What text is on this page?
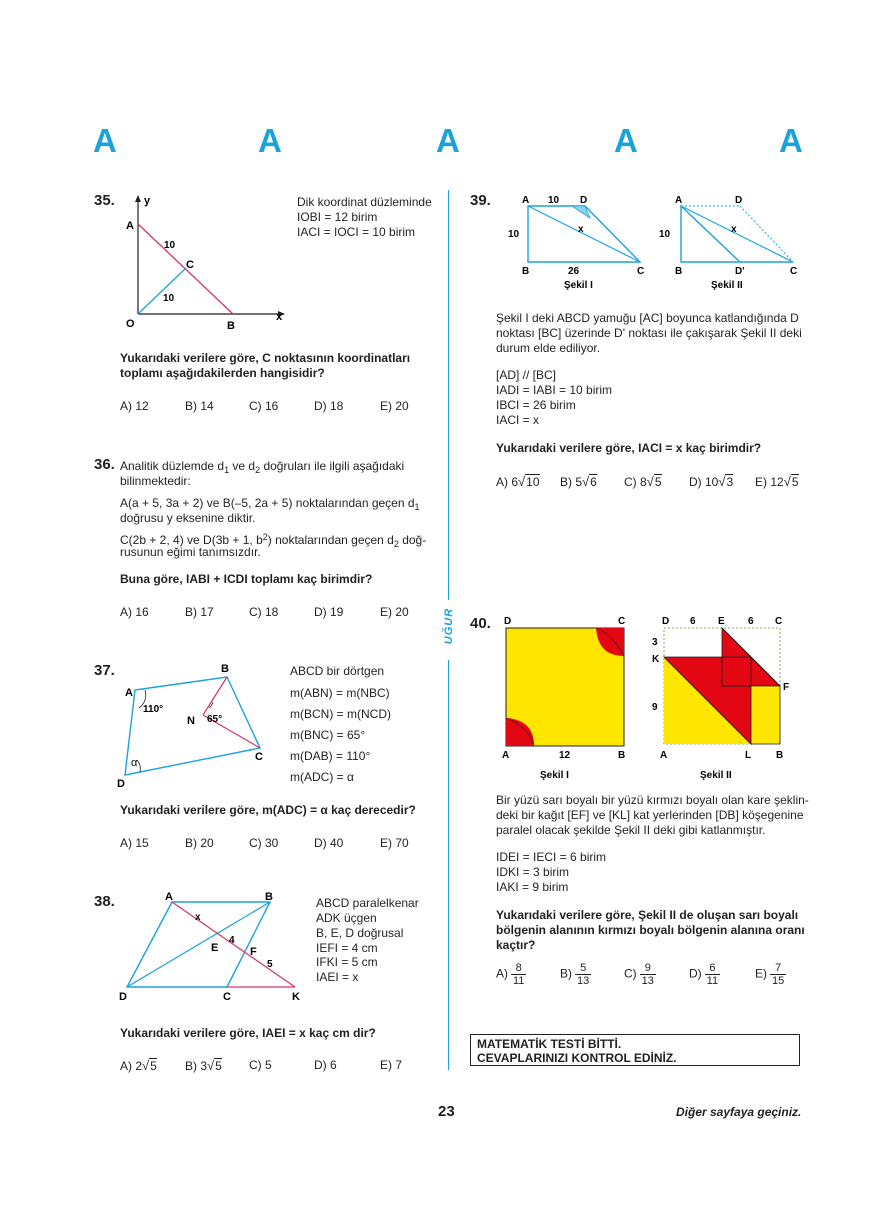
A	A	A	A	A
UĞUR
35.	y
x
A
O	B
C
10
10
Dik koordinat düzleminde
IOBI = 12 birim
IACI = IOCI = 10 birim
Yukarıdaki verilere göre, C noktasının koordinatları
toplamı aşağıdakilerden hangisidir?
A) 12	B) 14	C) 16	D) 18	E) 20
36. Analitik düzlemde $d_1$ ve $d_2$ doğruları ile ilgili aşağıdaki
bilinmektedir:
A(a + 5, 3a + 2) ve B(–5, 2a + 5) noktalarından geçen $d_1$
doğrusu y eksenine diktir.
C(2b + 2, 4) ve D(3b + 1, $b^2$) noktalarından geçen $d_2$ doğ-
rusunun eğimi tanımsızdır.
Buna göre, IABI + ICDI toplamı kaç birimdir?
A) 16	B) 17	C) 18	D) 19	E) 20
37.
A
B
C
D
N
110°
65°
α
ABCD bir dörtgen
m(ABN) = m(NBC)
m(BCN) = m(NCD)
m(BNC) = 65°
m(DAB) = 110°
m(ADC) = α
Yukarıdaki verilere göre, m(ADC) = α kaç derecedir?
A) 15	B) 20	C) 30	D) 40	E) 70
38.	A	B
C
D
E	F
K
x
4
5
ABCD paralelkenar
ADK üçgen
B, E, D doğrusal
IEFI = 4 cm
IFKI = 5 cm
IAEI = x
Yukarıdaki verilere göre, IAEI = x kaç cm dir?
A) 2√5 B) 3√5 C) 5	D) 6	E) 7
39.	A	D
10
10
B	C
26
x
Şekil I
A	D
10
B	D'	C
x
Şekil II
Şekil I deki ABCD yamuğu [AC] boyunca katlandığında D
noktası [BC] üzerinde D' noktası ile çakışarak Şekil II deki
durum elde ediliyor.
[AD] // [BC]
IADI = IABI = 10 birim
IBCI = 26 birim
IACI = x
Yukarıdaki verilere göre, IACI = x kaç birimdir?
A) 6√10 B) 5√6 C) 8√5 D) 10√3 E) 12√5
40. D	C
A	B
12
Şekil I
D 6 E 6 C
3
K
9
F
A	L B
Şekil II
Bir yüzü sarı boyalı bir yüzü kırmızı boyalı olan kare şeklin-
deki bir kağıt [EF] ve [KL] kat yerlerinden [DB] köşegenine
paralel olacak şekilde Şekil II deki gibi katlanmıştır.
IDEI = IECI = 6 birim
IDKI = 3 birim
IAKI = 9 birim
Yukarıdaki verilere göre, Şekil II de oluşan sarı boyalı
bölgenin alanının kırmızı boyalı bölgenin alanına oranı
kaçtır?
$A) \frac{8}{11}$	$B) \frac{5}{13}$	$C) \frac{9}{13}$	$D) \frac{6}{11}$	$E) \frac{7}{15}$
MATEMATİK TESTİ BİTTİ.
CEVAPLARINIZI KONTROL EDİNİZ.
23	Diğer sayfaya geçiniz.
